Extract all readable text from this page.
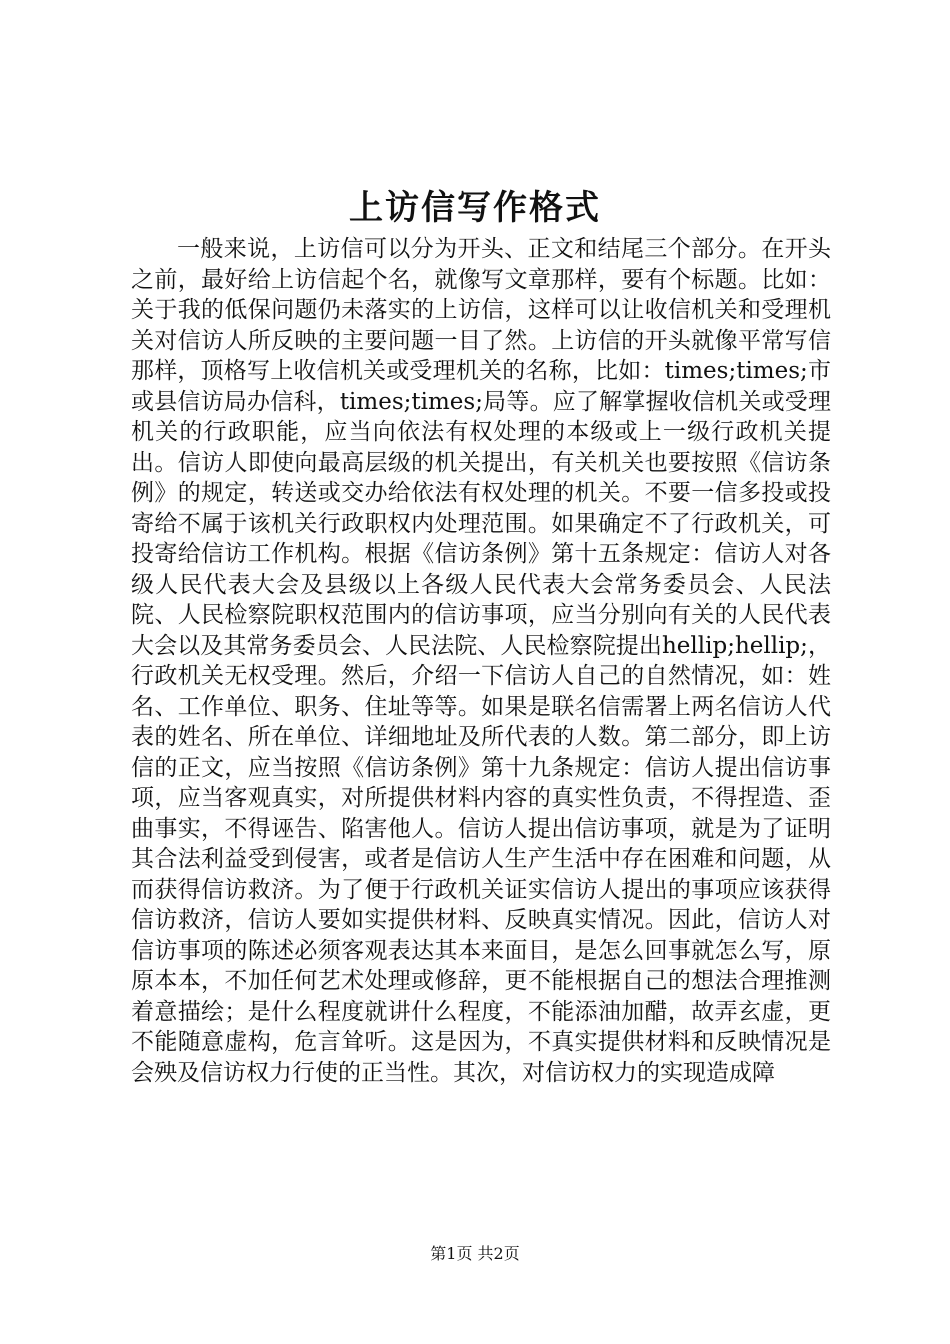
上访信写作格式

一般来说，上访信可以分为开头、正文和结尾三个部分。在开头之前，最好给上访信起个名，就像写文章那样，要有个标题。比如：关于我的低保问题仍未落实的上访信，这样可以让收信机关和受理机关对信访人所反映的主要问题一目了然。上访信的开头就像平常写信那样，顶格写上收信机关或受理机关的名称，比如：times;times;市或县信访局办信科，times;times;局等。应了解掌握收信机关或受理机关的行政职能，应当向依法有权处理的本级或上一级行政机关提出。信访人即使向最高层级的机关提出，有关机关也要按照《信访条例》的规定，转送或交办给依法有权处理的机关。不要一信多投或投寄给不属于该机关行政职权内处理范围。如果确定不了行政机关，可投寄给信访工作机构。根据《信访条例》第十五条规定：信访人对各级人民代表大会及县级以上各级人民代表大会常务委员会、人民法院、人民检察院职权范围内的信访事项，应当分别向有关的人民代表大会以及其常务委员会、人民法院、人民检察院提出hellip;hellip;，行政机关无权受理。然后，介绍一下信访人自己的自然情况，如：姓名、工作单位、职务、住址等等。如果是联名信需署上两名信访人代表的姓名、所在单位、详细地址及所代表的人数。第二部分，即上访信的正文，应当按照《信访条例》第十九条规定：信访人提出信访事项，应当客观真实，对所提供材料内容的真实性负责，不得捏造、歪曲事实，不得诬告、陷害他人。信访人提出信访事项，就是为了证明其合法利益受到侵害，或者是信访人生产生活中存在困难和问题，从而获得信访救济。为了便于行政机关证实信访人提出的事项应该获得信访救济，信访人要如实提供材料、反映真实情况。因此，信访人对信访事项的陈述必须客观表达其本来面目，是怎么回事就怎么写，原原本本，不加任何艺术处理或修辞，更不能根据自己的想法合理推测着意描绘；是什么程度就讲什么程度，不能添油加醋，故弄玄虚，更不能随意虚构，危言耸听。这是因为，不真实提供材料和反映情况是会殃及信访权力行使的正当性。其次，对信访权力的实现造成障

第1页 共2页
